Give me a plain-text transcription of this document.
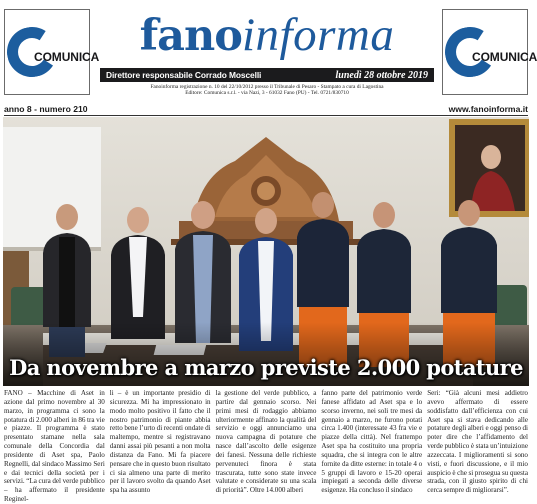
COMUNICA fano informa
Direttore responsabile Corrado Moscelli	lunedì 28 ottobre 2019
Fanoinforma registrazione n. 10 del 22/10/2012 presso il Tribunale di Pesaro - Stampato a cura di Lagostina
Editore: Comunica s.r.l. - via Nazi, 3 - 61032 Fano (PU) - Tel. 0721/830710
COMUNICA
anno 8 - numero 210	www.fanoinforma.it
Da novembre a marzo previste 2.000 potature
FANO – Macchine di Aset in azione dal primo novembre al 30 marzo, in programma ci sono la potatura di 2.000 alberi in 86 tra vie e piazze. Il programma è stato presentato stamane nella sala comunale della Concordia dal presidente di Aset spa, Paolo Regnelli, dal sindaco Massimo Seri e dai tecnici della società per i servizi. “La cura del verde pubblico – ha affermato il presidente Reginel-
li – è un importante presidio di sicurezza. Mi ha impressionato in modo molto positivo il fatto che il nostro patrimonio di piante abbia retto bene l’urto di recenti ondate di maltempo, mentre si registravano danni assai più pesanti a non molta distanza da Fano. Mi fa piacere pensare che in questo buon risultato ci sia almeno una parte di merito per il lavoro svolto da quando Aset spa ha assunto
la gestione del verde pubblico, a partire dal gennaio scorso. Nei primi mesi di rodaggio abbiamo ulteriormente affinato la qualità del servizio e oggi annunciamo una nuova campagna di potature che nasce dall’ascolto delle esigenze dei fanesi. Nessuna delle richieste pervenuteci finora è stata trascurata, tutte sono state invece valutate e considerate su una scala di priorità”. Oltre 14.000 alberi
fanno parte del patrimonio verde fanese affidato ad Aset spa e lo scorso inverno, nei soli tre mesi da gennaio a marzo, ne furono potati circa 1.400 (interessate 43 fra vie e piazze della città). Nel frattempo Aset spa ha costituito una propria squadra, che si integra con le altre fornite da ditte esterne: in totale 4 o 5 gruppi di lavoro e 15-20 operai impiegati a seconda delle diverse esigenze. Ha concluso il sindaco
Seri: “Già alcuni mesi addietro avevo affermato di essere soddisfatto dall’efficienza con cui Aset spa si stava dedicando alle potature degli alberi e oggi penso di poter dire che l’affidamento del verde pubblico è stata un’intuizione azzeccata. I miglioramenti si sono visti, e fuori discussione, e il mio auspicio è che si prosegua su questa strada, con il giusto spirito di chi cerca sempre di migliorarsi”.
